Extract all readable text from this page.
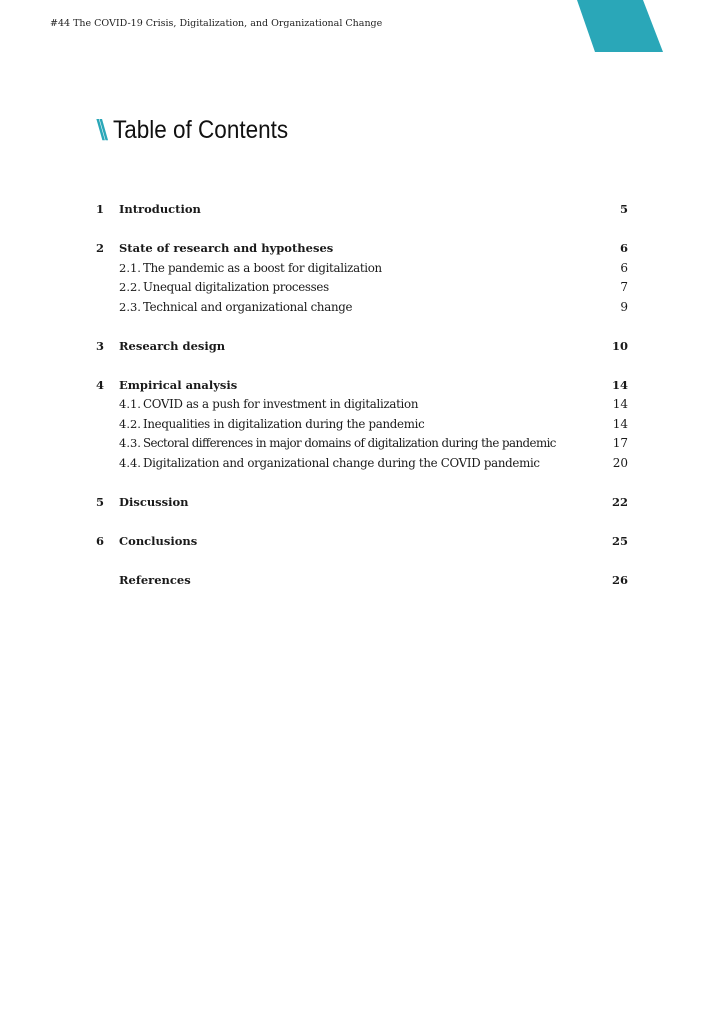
#44 The COVID-19 Crisis, Digitalization, and Organizational Change
\\ Table of Contents
1 Introduction	5
2 State of research and hypotheses	6
2.1. The pandemic as a boost for digitalization	6
2.2. Unequal digitalization processes	7
2.3. Technical and organizational change	9
3 Research design	10
4 Empirical analysis	14
4.1. COVID as a push for investment in digitalization	14
4.2. Inequalities in digitalization during the pandemic	14
4.3. Sectoral differences in major domains of digitalization during the pandemic	17
4.4. Digitalization and organizational change during the COVID pandemic	20
5 Discussion	22
6 Conclusions	25
References	26
